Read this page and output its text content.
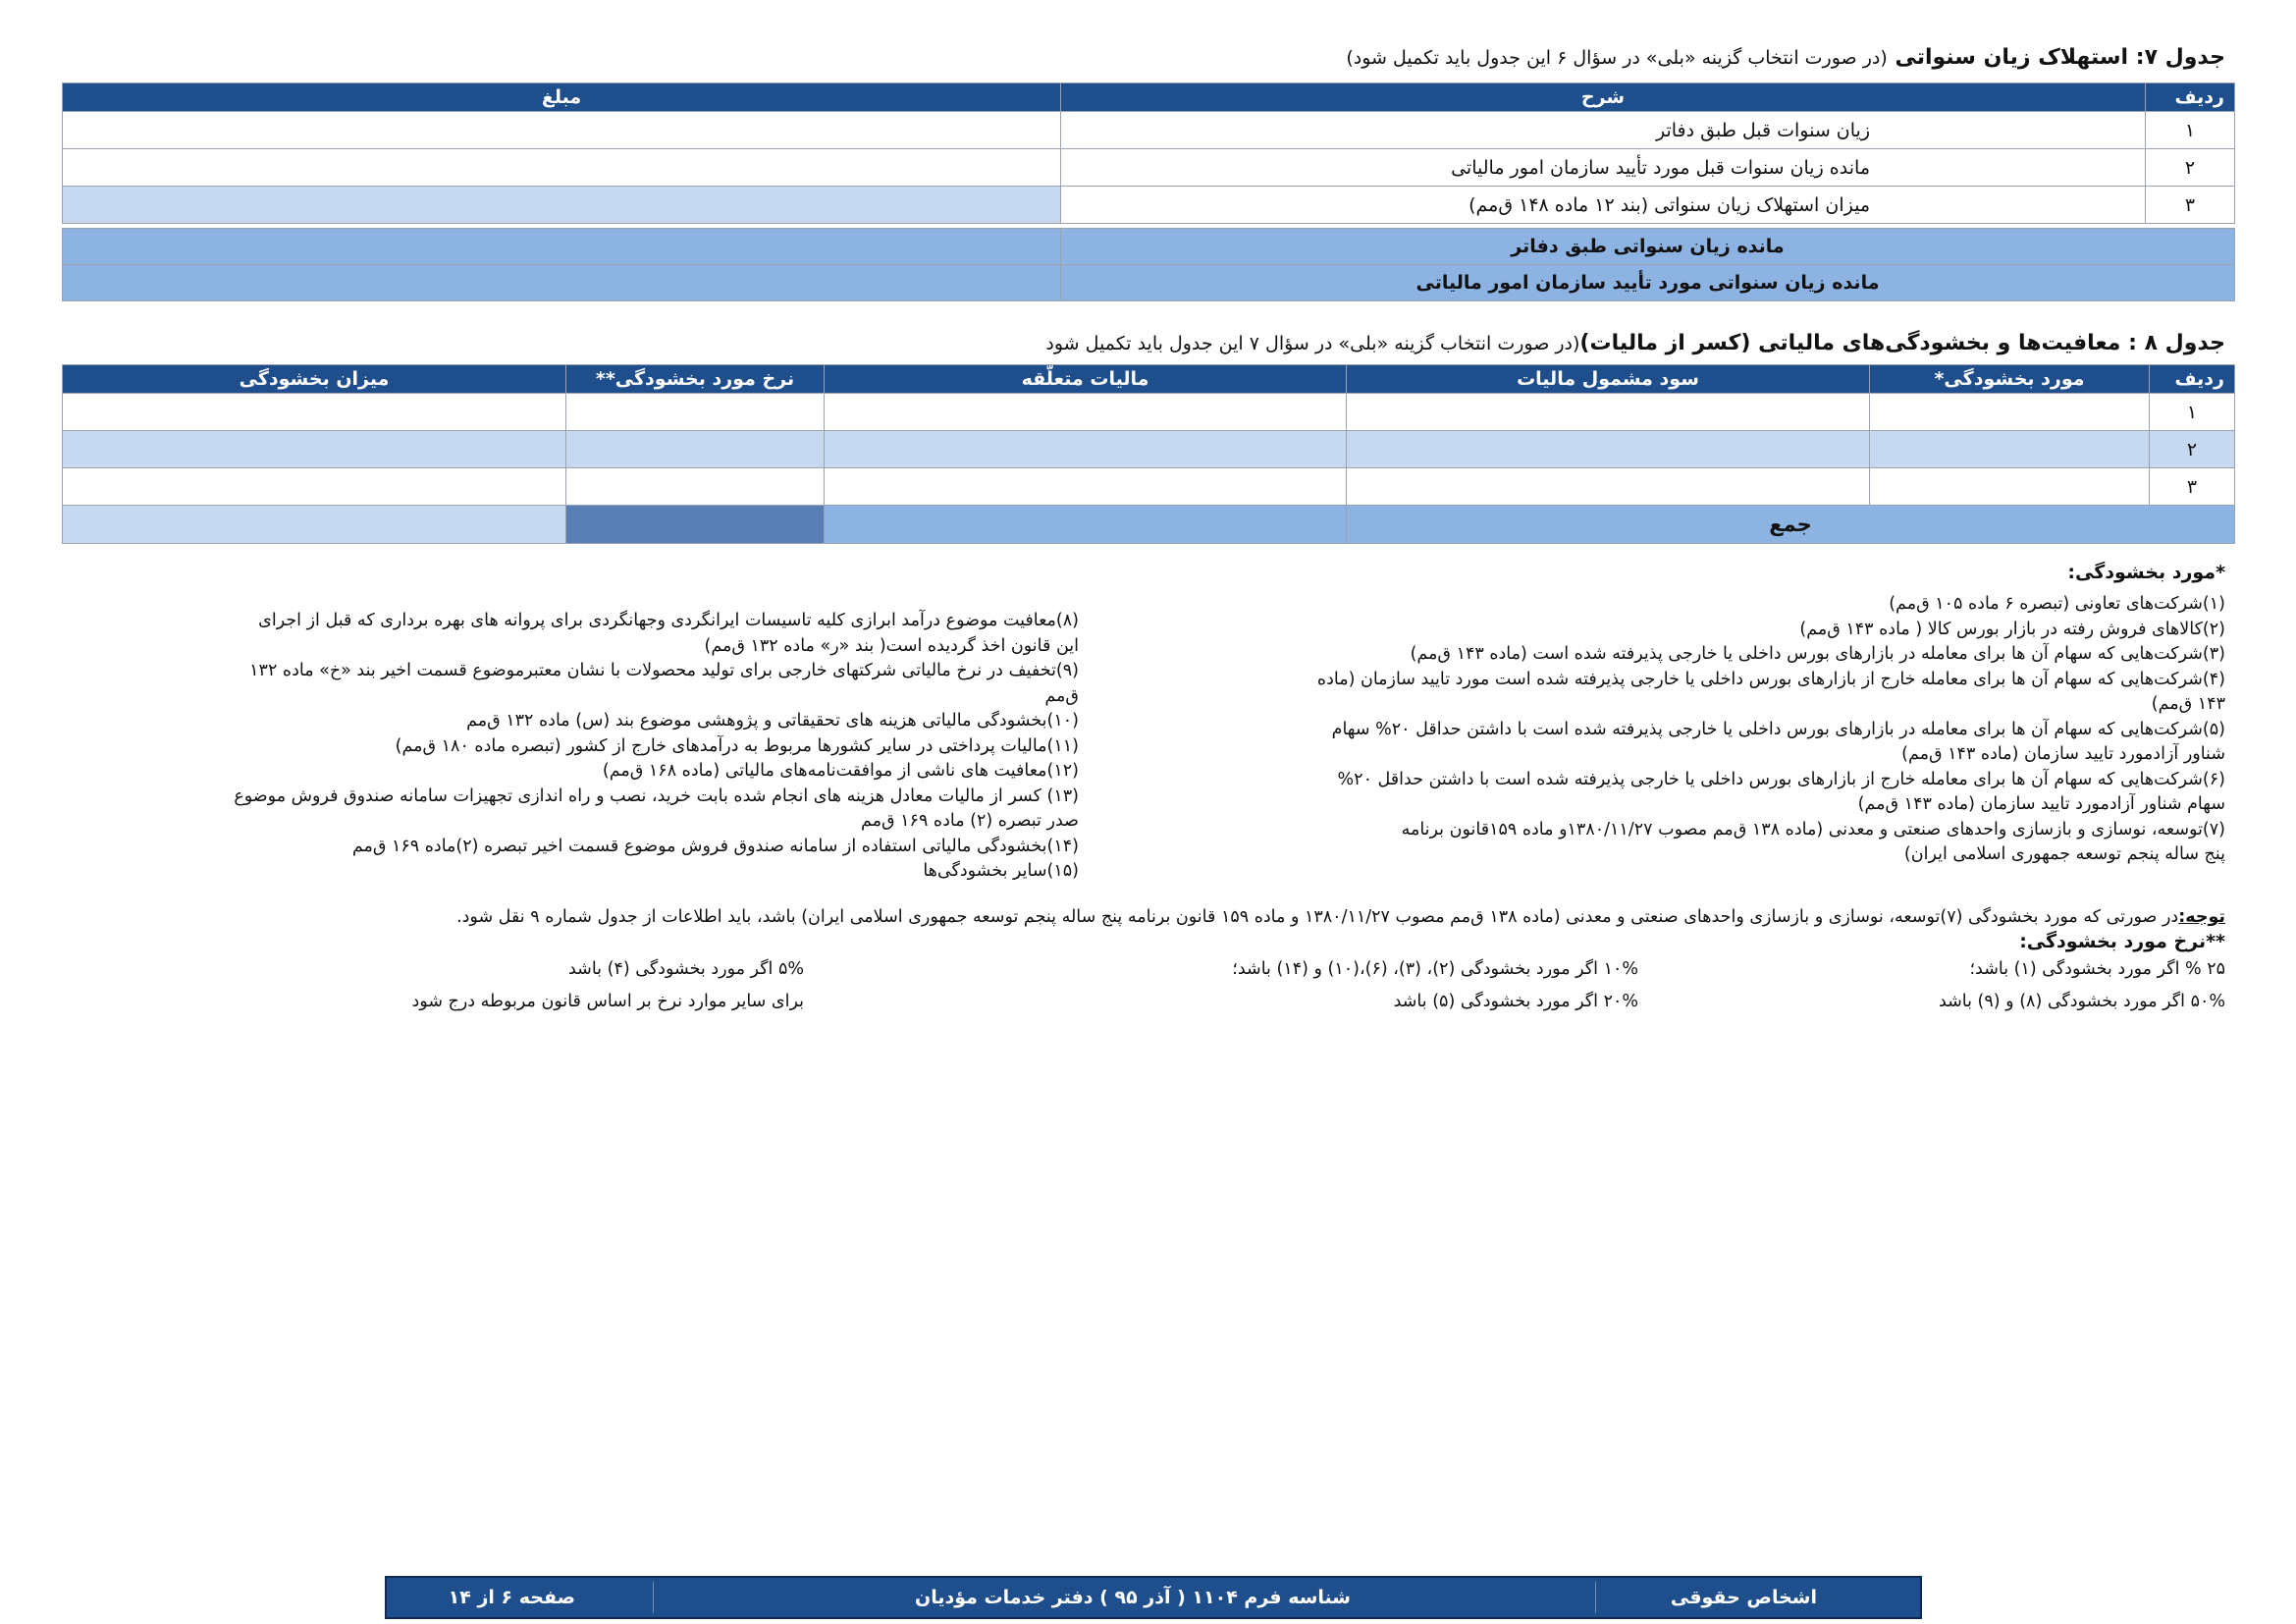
جدول ۷: استهلاک زیان سنواتی (در صورت انتخاب گزینه «بلی» در سؤال ۶ این جدول باید تکمیل شود)
ردیف	شرح	مبلغ
۱	زیان سنوات قبل طبق دفاتر	
۲	مانده زیان سنوات قبل مورد تأیید سازمان امور مالیاتی	
۳	میزان استهلاک زیان سنواتی (بند ۱۲ ماده ۱۴۸ ق‌مم)	
مانده زیان سنواتی طبق دفاتر	
مانده زیان سنواتی مورد تأیید سازمان امور مالیاتی	
جدول ۸ : معافیت‌ها و بخشودگی‌های مالیاتی (کسر از مالیات)(در صورت انتخاب گزینه «بلی» در سؤال ۷ این جدول باید تکمیل شود
ردیف	مورد بخشودگی*	سود مشمول مالیات	مالیات متعلّقه	نرخ مورد بخشودگی**	میزان بخشودگی
۱					
۲					
۳					
جمع					
*مورد بخشودگی:
(۱)شرکت‌های تعاونی (تبصره ۶ ماده ۱۰۵ ق‌مم)
(۲)کالاهای فروش رفته در بازار بورس کالا ( ماده ۱۴۳ ق‌مم)
(۳)شرکت‌هایی که سهام آن ها برای معامله در بازارهای بورس داخلی یا خارجی پذیرفته شده است (ماده ۱۴۳ ق‌مم)
(۴)شرکت‌هایی که سهام آن ها برای معامله خارج از بازارهای بورس داخلی یا خارجی پذیرفته شده است مورد تایید سازمان (ماده
۱۴۳ ق‌مم)
(۵)شرکت‌هایی که سهام آن ها برای معامله در بازارهای بورس داخلی یا خارجی پذیرفته شده است با داشتن حداقل ۲۰% سهام
شناور آزادمورد تایید سازمان (ماده ۱۴۳ ق‌مم)
(۶)شرکت‌هایی که سهام آن ها برای معامله خارج از بازارهای بورس داخلی یا خارجی پذیرفته شده است با داشتن حداقل ۲۰%
سهام شناور آزادمورد تایید سازمان (ماده ۱۴۳ ق‌مم)
(۷)توسعه، نوسازی و بازسازی واحدهای صنعتی و معدنی (ماده ۱۳۸ ق‌مم مصوب ۱۳۸۰/۱۱/۲۷و ماده ۱۵۹قانون برنامه
پنج ساله پنجم توسعه جمهوری اسلامی ایران)
(۸)معافیت موضوع درآمد ابرازی کلیه تاسیسات ایرانگردی وجهانگردی برای پروانه های بهره برداری که قبل از اجرای
این قانون اخذ گردیده است( بند «ر» ماده ۱۳۲ ق‌مم)
(۹)تخفیف در نرخ مالیاتی شرکتهای خارجی برای تولید محصولات با نشان معتبرموضوع قسمت اخیر بند «خ» ماده ۱۳۲
ق‌مم
(۱۰)بخشودگی مالیاتی هزینه های تحقیقاتی و پژوهشی موضوع بند (س) ماده ۱۳۲ ق‌مم
(۱۱)مالیات پرداختی در سایر کشورها مربوط به درآمدهای خارج از کشور (تبصره ماده ۱۸۰ ق‌مم)
(۱۲)معافیت های ناشی از موافقت‌نامه‌های مالیاتی (ماده ۱۶۸ ق‌مم)
(۱۳) کسر از مالیات معادل هزینه های انجام شده بابت خرید، نصب و راه اندازی تجهیزات سامانه صندوق فروش موضوع
صدر تبصره (۲) ماده ۱۶۹ ق‌مم
(۱۴)بخشودگی مالیاتی استفاده از سامانه صندوق فروش موضوع قسمت اخیر تبصره (۲)ماده ۱۶۹ ق‌مم
(۱۵)سایر بخشودگی‌ها
توجه:در صورتی که مورد بخشودگی (۷)توسعه، نوسازی و بازسازی واحدهای صنعتی و معدنی (ماده ۱۳۸ ق‌مم مصوب ۱۳۸۰/۱۱/۲۷ و ماده ۱۵۹ قانون برنامه پنج ساله پنجم توسعه جمهوری اسلامی ایران) باشد، باید اطلاعات از جدول شماره ۹ نقل شود.
**نرخ مورد بخشودگی:
۲۵ % اگر مورد بخشودگی (۱) باشد؛
۱۰% اگر مورد بخشودگی (۲)، (۳)، (۶)،(۱۰) و (۱۴) باشد؛
۵% اگر مورد بخشودگی (۴) باشد
۵۰% اگر مورد بخشودگی (۸) و (۹) باشد
۲۰% اگر مورد بخشودگی (۵) باشد
برای سایر موارد نرخ بر اساس قانون مربوطه درج شود
اشخاص حقوقی
شناسه فرم ۱۱۰۴ ( آذر ۹۵ ) دفتر خدمات مؤدیان
صفحه ۶ از ۱۴
